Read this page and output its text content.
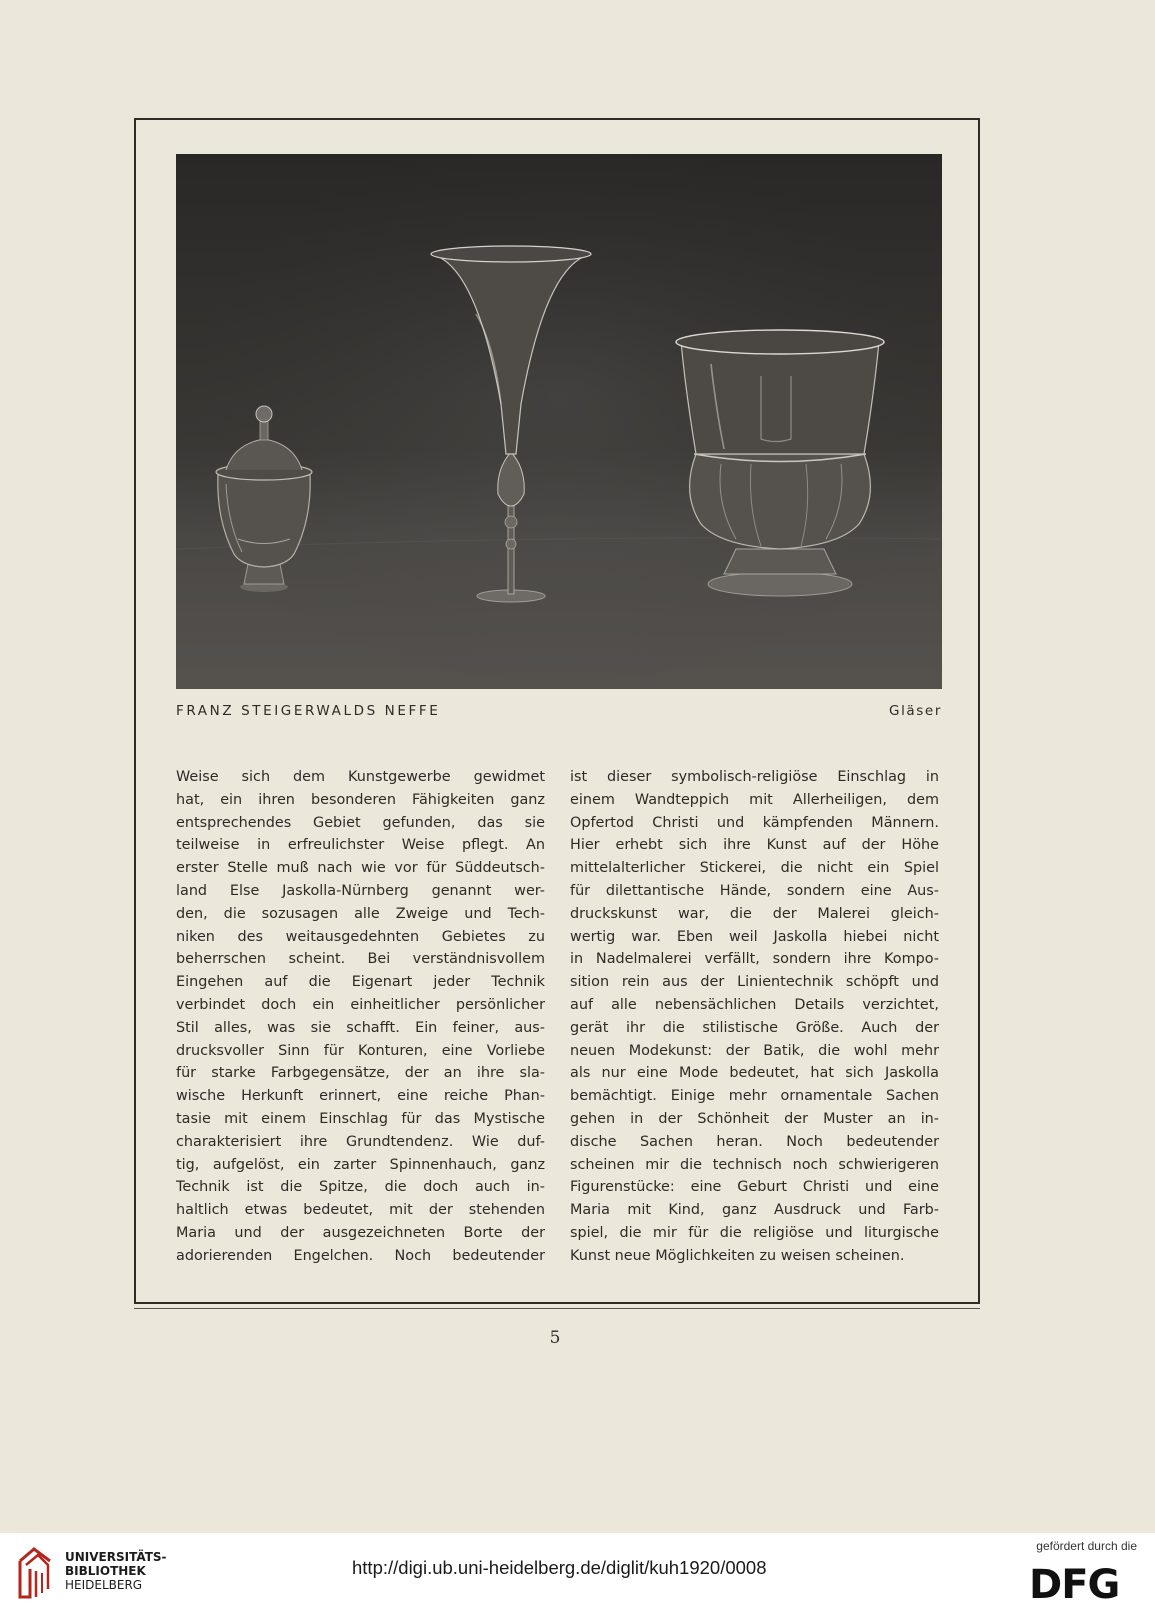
FRANZ STEIGERWALDS NEFFE	Gläser
Weise sich dem Kunstgewerbe gewidmet
hat, ein ihren besonderen Fähigkeiten ganz
entsprechendes Gebiet gefunden, das sie
teilweise in erfreulichster Weise pflegt. An
erster Stelle muß nach wie vor für Süddeutsch-
land Else Jaskolla-Nürnberg genannt wer-
den, die sozusagen alle Zweige und Tech-
niken des weitausgedehnten Gebietes zu
beherrschen scheint. Bei verständnisvollem
Eingehen auf die Eigenart jeder Technik
verbindet doch ein einheitlicher persönlicher
Stil alles, was sie schafft. Ein feiner, aus-
drucksvoller Sinn für Konturen, eine Vorliebe
für starke Farbgegensätze, der an ihre sla-
wische Herkunft erinnert, eine reiche Phan-
tasie mit einem Einschlag für das Mystische
charakterisiert ihre Grundtendenz. Wie duf-
tig, aufgelöst, ein zarter Spinnenhauch, ganz
Technik ist die Spitze, die doch auch in-
haltlich etwas bedeutet, mit der stehenden
Maria und der ausgezeichneten Borte der
adorierenden Engelchen. Noch bedeutender
ist dieser symbolisch-religiöse Einschlag in
einem Wandteppich mit Allerheiligen, dem
Opfertod Christi und kämpfenden Männern.
Hier erhebt sich ihre Kunst auf der Höhe
mittelalterlicher Stickerei, die nicht ein Spiel
für dilettantische Hände, sondern eine Aus-
druckskunst war, die der Malerei gleich-
wertig war. Eben weil Jaskolla hiebei nicht
in Nadelmalerei verfällt, sondern ihre Kompo-
sition rein aus der Linientechnik schöpft und
auf alle nebensächlichen Details verzichtet,
gerät ihr die stilistische Größe. Auch der
neuen Modekunst: der Batik, die wohl mehr
als nur eine Mode bedeutet, hat sich Jaskolla
bemächtigt. Einige mehr ornamentale Sachen
gehen in der Schönheit der Muster an in-
dische Sachen heran. Noch bedeutender
scheinen mir die technisch noch schwierigeren
Figurenstücke: eine Geburt Christi und eine
Maria mit Kind, ganz Ausdruck und Farb-
spiel, die mir für die religiöse und liturgische
Kunst neue Möglichkeiten zu weisen scheinen.
5
UNIVERSITÄTS-
BIBLIOTHEK
HEIDELBERG
http://digi.ub.uni-heidelberg.de/diglit/kuh1920/0008
gefördert durch die
DFG
